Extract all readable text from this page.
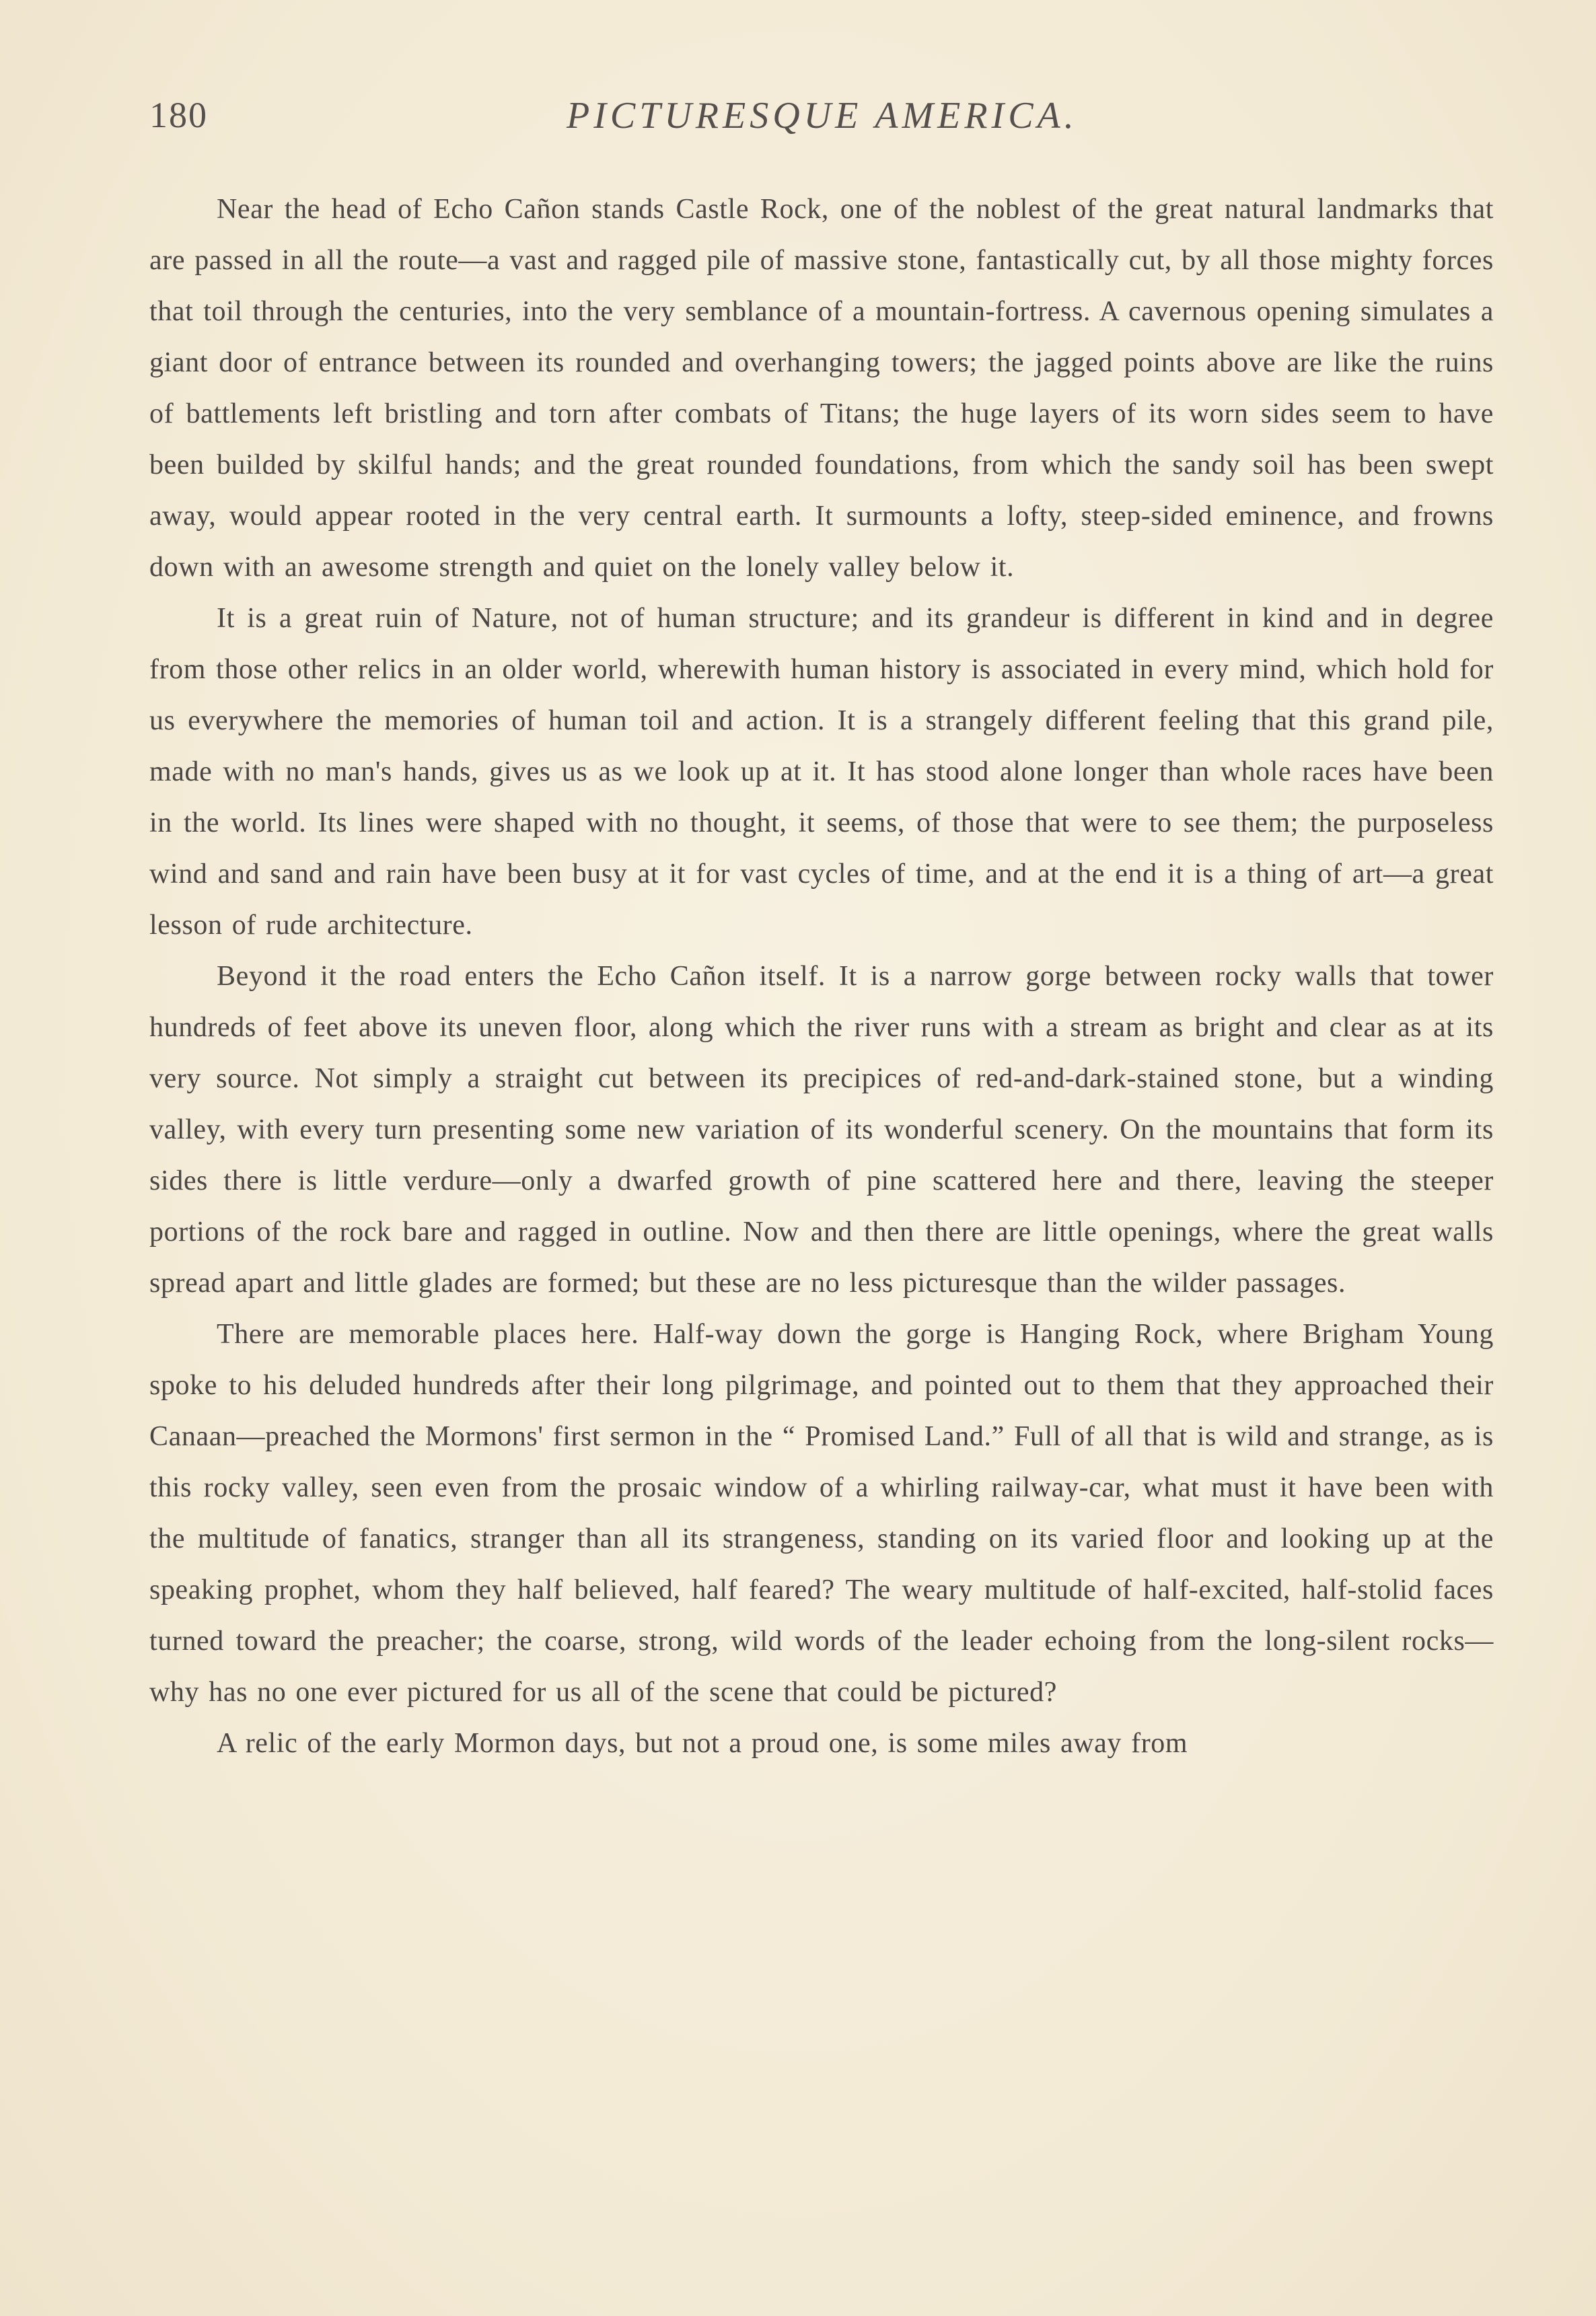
180	PICTURESQUE AMERICA.

Near the head of Echo Cañon stands Castle Rock, one of the noblest of the great natural landmarks that are passed in all the route—a vast and ragged pile of massive stone, fantastically cut, by all those mighty forces that toil through the centuries, into the very semblance of a mountain-fortress. A cavernous opening simulates a giant door of entrance between its rounded and overhanging towers; the jagged points above are like the ruins of battlements left bristling and torn after combats of Titans; the huge layers of its worn sides seem to have been builded by skilful hands; and the great rounded foundations, from which the sandy soil has been swept away, would appear rooted in the very central earth. It surmounts a lofty, steep-sided eminence, and frowns down with an awesome strength and quiet on the lonely valley below it.

It is a great ruin of Nature, not of human structure; and its grandeur is different in kind and in degree from those other relics in an older world, wherewith human history is associated in every mind, which hold for us everywhere the memories of human toil and action. It is a strangely different feeling that this grand pile, made with no man's hands, gives us as we look up at it. It has stood alone longer than whole races have been in the world. Its lines were shaped with no thought, it seems, of those that were to see them; the purposeless wind and sand and rain have been busy at it for vast cycles of time, and at the end it is a thing of art—a great lesson of rude architecture.

Beyond it the road enters the Echo Cañon itself. It is a narrow gorge between rocky walls that tower hundreds of feet above its uneven floor, along which the river runs with a stream as bright and clear as at its very source. Not simply a straight cut between its precipices of red-and-dark-stained stone, but a winding valley, with every turn presenting some new variation of its wonderful scenery. On the mountains that form its sides there is little verdure—only a dwarfed growth of pine scattered here and there, leaving the steeper portions of the rock bare and ragged in outline. Now and then there are little openings, where the great walls spread apart and little glades are formed; but these are no less picturesque than the wilder passages.

There are memorable places here. Half-way down the gorge is Hanging Rock, where Brigham Young spoke to his deluded hundreds after their long pilgrimage, and pointed out to them that they approached their Canaan—preached the Mormons' first sermon in the “ Promised Land.” Full of all that is wild and strange, as is this rocky valley, seen even from the prosaic window of a whirling railway-car, what must it have been with the multitude of fanatics, stranger than all its strangeness, standing on its varied floor and looking up at the speaking prophet, whom they half believed, half feared? The weary multitude of half-excited, half-stolid faces turned toward the preacher; the coarse, strong, wild words of the leader echoing from the long-silent rocks—why has no one ever pictured for us all of the scene that could be pictured?

A relic of the early Mormon days, but not a proud one, is some miles away from
